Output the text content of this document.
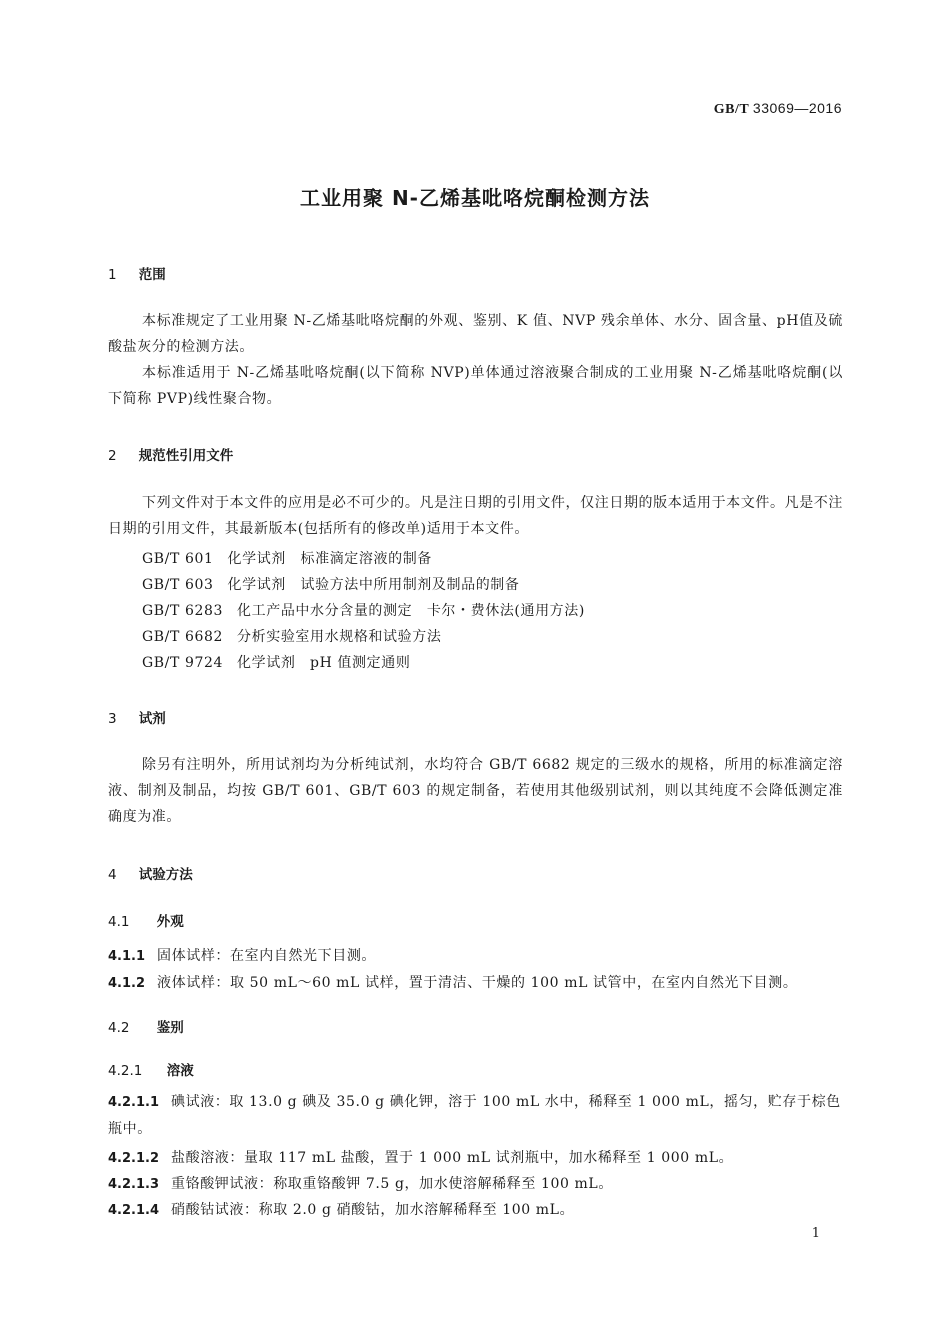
GB/T 33069—2016
工业用聚 N-乙烯基吡咯烷酮检测方法
1 范围
本标准规定了工业用聚 N-乙烯基吡咯烷酮的外观、鉴别、K 值、NVP 残余单体、水分、固含量、pH值及硫酸盐灰分的检测方法。
本标准适用于 N-乙烯基吡咯烷酮(以下简称 NVP)单体通过溶液聚合制成的工业用聚 N-乙烯基吡咯烷酮(以下简称 PVP)线性聚合物。
2 规范性引用文件
下列文件对于本文件的应用是必不可少的。凡是注日期的引用文件，仅注日期的版本适用于本文件。凡是不注日期的引用文件，其最新版本(包括所有的修改单)适用于本文件。
GB/T 601 化学试剂　标准滴定溶液的制备
GB/T 603 化学试剂　试验方法中所用制剂及制品的制备
GB/T 6283 化工产品中水分含量的测定　卡尔・费休法(通用方法)
GB/T 6682 分析实验室用水规格和试验方法
GB/T 9724 化学试剂　pH 值测定通则
3 试剂
除另有注明外，所用试剂均为分析纯试剂，水均符合 GB/T 6682 规定的三级水的规格，所用的标准滴定溶液、制剂及制品，均按 GB/T 601、GB/T 603 的规定制备，若使用其他级别试剂，则以其纯度不会降低测定准确度为准。
4 试验方法
4.1 外观
4.1.1 固体试样：在室内自然光下目测。
4.1.2 液体试样：取 50 mL～60 mL 试样，置于清洁、干燥的 100 mL 试管中，在室内自然光下目测。
4.2 鉴别
4.2.1 溶液
4.2.1.1 碘试液：取 13.0 g 碘及 35.0 g 碘化钾，溶于 100 mL 水中，稀释至 1 000 mL，摇匀，贮存于棕色瓶中。
4.2.1.2 盐酸溶液：量取 117 mL 盐酸，置于 1 000 mL 试剂瓶中，加水稀释至 1 000 mL。
4.2.1.3 重铬酸钾试液：称取重铬酸钾 7.5 g，加水使溶解稀释至 100 mL。
4.2.1.4 硝酸钴试液：称取 2.0 g 硝酸钴，加水溶解稀释至 100 mL。
1
